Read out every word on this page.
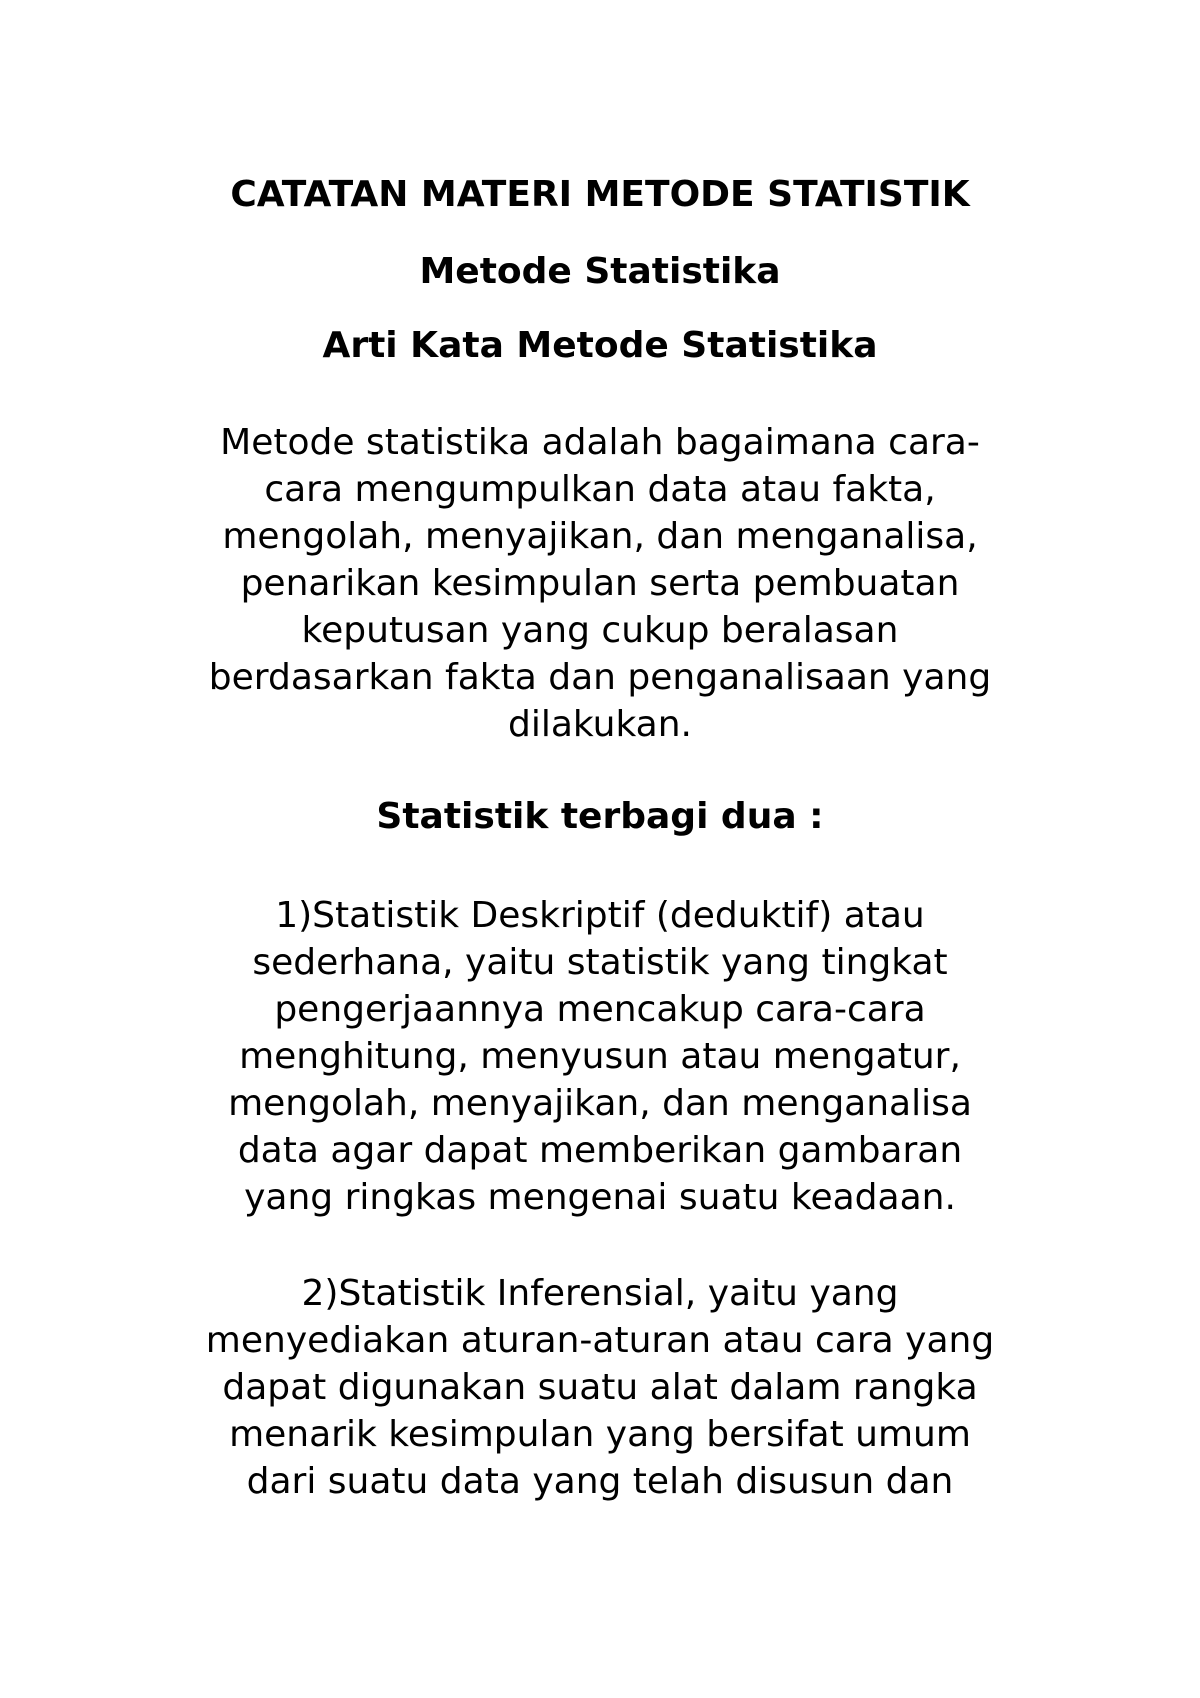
CATATAN MATERI METODE STATISTIK
Metode Statistika
Arti Kata Metode Statistika

Metode statistika adalah bagaimana cara-
cara mengumpulkan data atau fakta,
mengolah, menyajikan, dan menganalisa,
penarikan kesimpulan serta pembuatan
keputusan yang cukup beralasan
berdasarkan fakta dan penganalisaan yang
dilakukan.

Statistik terbagi dua :

1)Statistik Deskriptif (deduktif) atau
sederhana, yaitu statistik yang tingkat
pengerjaannya mencakup cara-cara
menghitung, menyusun atau mengatur,
mengolah, menyajikan, dan menganalisa
data agar dapat memberikan gambaran
yang ringkas mengenai suatu keadaan.

2)Statistik Inferensial, yaitu yang
menyediakan aturan-aturan atau cara yang
dapat digunakan suatu alat dalam rangka
menarik kesimpulan yang bersifat umum
dari suatu data yang telah disusun dan
